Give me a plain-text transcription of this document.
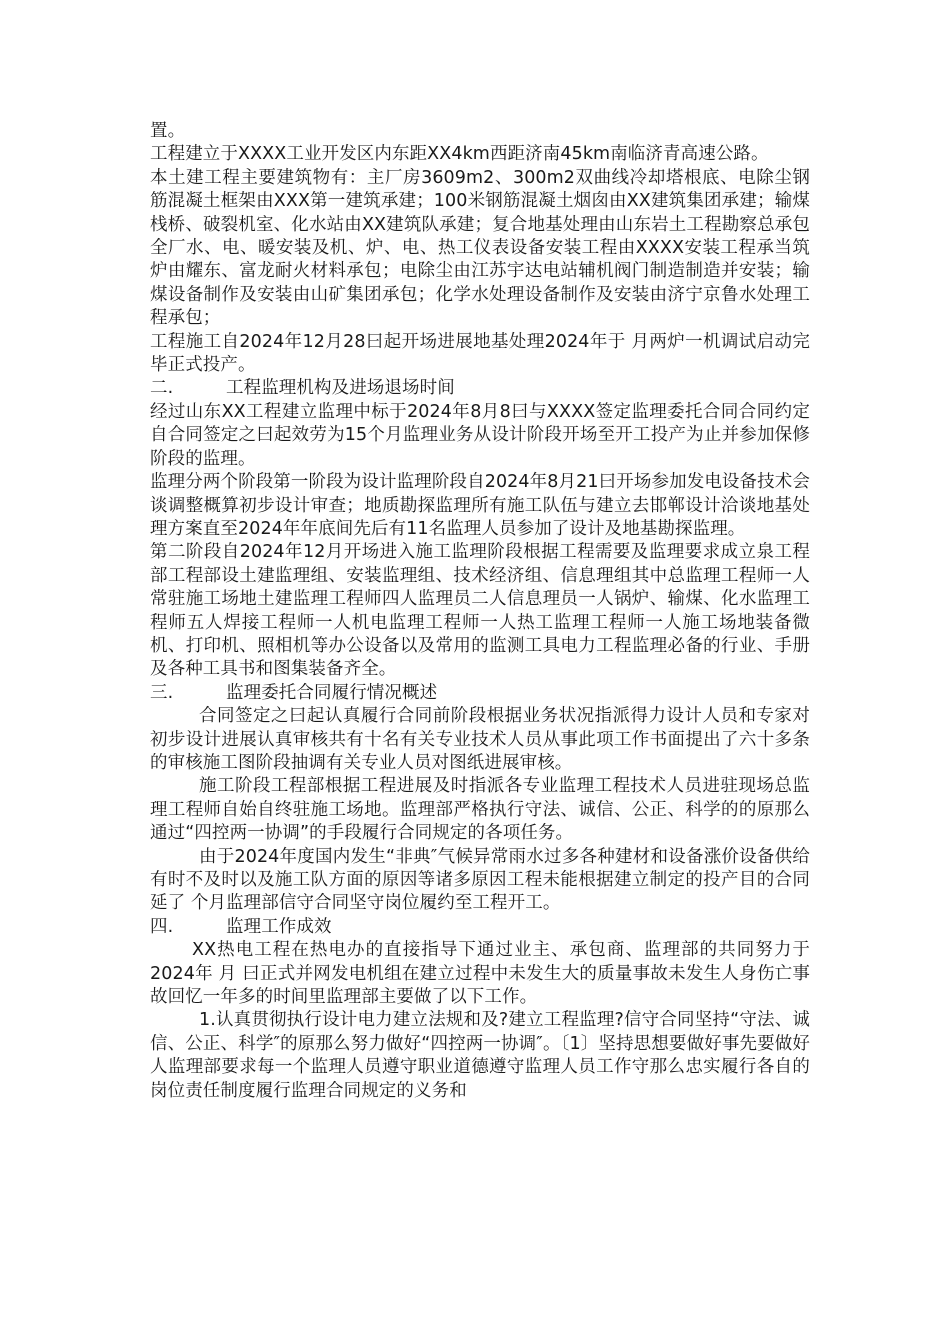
置。

工程建立于XXXX工业开发区内东距XX4km西距济南45km南临济青高速公路。

本土建工程主要建筑物有：主厂房3609m2、300m2双曲线冷却塔根底、电除尘钢筋混凝土框架由XXX第一建筑承建；100米钢筋混凝土烟囱由XX建筑集团承建；输煤栈桥、破裂机室、化水站由XX建筑队承建；复合地基处理由山东岩土工程勘察总承包全厂水、电、暖安装及机、炉、电、热工仪表设备安装工程由XXXX安装工程承当筑炉由耀东、富龙耐火材料承包；电除尘由江苏宇达电站辅机阀门制造制造并安装；输煤设备制作及安装由山矿集团承包；化学水处理设备制作及安装由济宁京鲁水处理工程承包；

工程施工自2024年12月28曰起开场进展地基处理2024年于 月两炉一机调试启动完毕正式投产。

二.	工程监理机构及进场退场时间

经过山东XX工程建立监理中标于2024年8月8曰与XXXX签定监理委托合同合同约定自合同签定之曰起效劳为15个月监理业务从设计阶段开场至开工投产为止并参加保修阶段的监理。

监理分两个阶段第一阶段为设计监理阶段自2024年8月21曰开场参加发电设备技术会谈调整概算初步设计审查；地质勘探监理所有施工队伍与建立去邯郸设计洽谈地基处理方案直至2024年年底间先后有11名监理人员参加了设计及地基勘探监理。

第二阶段自2024年12月开场进入施工监理阶段根据工程需要及监理要求成立泉工程部工程部设土建监理组、安装监理组、技术经济组、信息理组其中总监理工程师一人常驻施工场地土建监理工程师四人监理员二人信息理员一人锅炉、输煤、化水监理工程师五人焊接工程师一人机电监理工程师一人热工监理工程师一人施工场地装备微机、打印机、照相机等办公设备以及常用的监测工具电力工程监理必备的行业、手册及各种工具书和图集装备齐全。

三.	监理委托合同履行情况概述

合同签定之曰起认真履行合同前阶段根据业务状况指派得力设计人员和专家对初步设计进展认真审核共有十名有关专业技术人员从事此项工作书面提出了六十多条的审核施工图阶段抽调有关专业人员对图纸进展审核。

施工阶段工程部根据工程进展及时指派各专业监理工程技术人员进驻现场总监理工程师自始自终驻施工场地。监理部严格执行守法、诚信、公正、科学的的原那么通过“四控两一协调”的手段履行合同规定的各项任务。

由于2024年度国内发生“非典″气候异常雨水过多各种建材和设备涨价设备供给有时不及时以及施工队方面的原因等诸多原因工程未能根据建立制定的投产目的合同延了 个月监理部信守合同坚守岗位履约至工程开工。

四.	监理工作成效

XX热电工程在热电办的直接指导下通过业主、承包商、监理部的共同努力于2024年 月 曰正式并网发电机组在建立过程中未发生大的质量事故未发生人身伤亡事故回忆一年多的时间里监理部主要做了以下工作。

1.认真贯彻执行设计电力建立法规和及?建立工程监理?信守合同坚持“守法、诚信、公正、科学″的原那么努力做好“四控两一协调″。〔1〕坚持思想要做好事先要做好人监理部要求每一个监理人员遵守职业道德遵守监理人员工作守那么忠实履行各自的岗位责任制度履行监理合同规定的义务和
